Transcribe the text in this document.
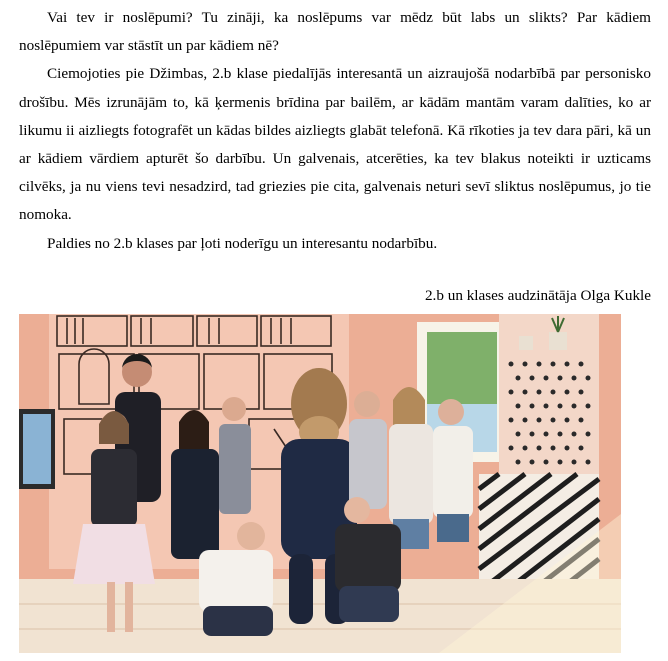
Vai tev ir noslēpumi? Tu zināji, ka noslēpums var mēdz būt labs un slikts? Par kādiem noslēpumiem var stāstīt un par kādiem nē?

Ciemojoties pie Džimbas, 2.b klase piedalījās interesantā un aizraujošā nodarbībā par personisko drošību. Mēs izrunājām to, kā ķermenis brīdina par bailēm, ar kādām mantām varam dalīties, ko ar likumu ii aizliegts fotografēt un kādas bildes aizliegts glabāt telefonā. Kā rīkoties ja tev dara pāri, kā un ar kādiem vārdiem apturēt šo darbību. Un galvenais, atcerēties, ka tev blakus noteikti ir uzticams cilvēks, ja nu viens tevi nesadzird, tad griezies pie cita, galvenais neturi sevī sliktus noslēpumus, jo tie nomoka.

Paldies no 2.b klases par ļoti noderīgu un interesantu nodarbību.

2.b un klases audzinātāja Olga Kukle
